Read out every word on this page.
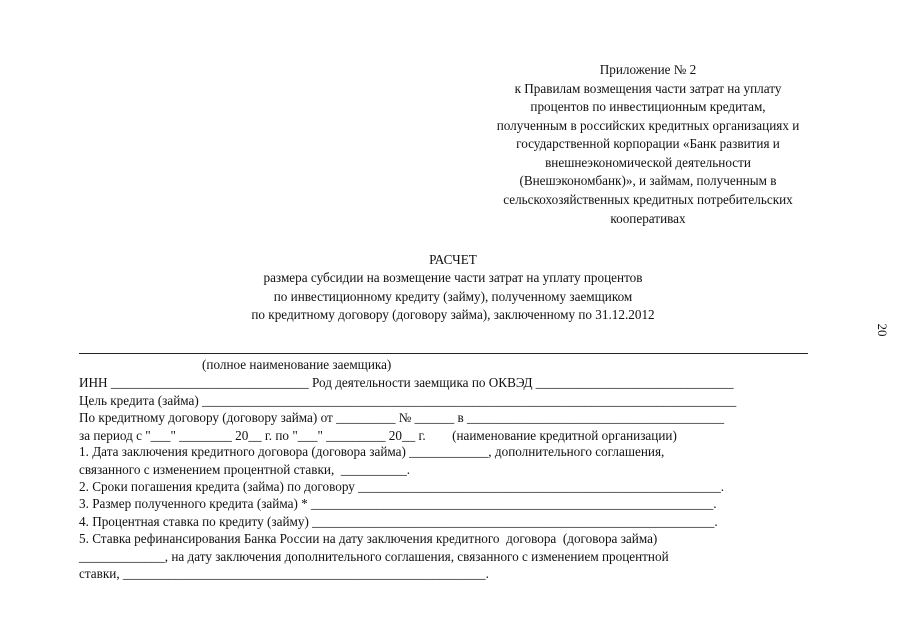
Приложение № 2
к Правилам возмещения части затрат на уплату
процентов по инвестиционным кредитам,
полученным в российских кредитных организациях и
государственной корпорации «Банк развития и
внешнеэкономической деятельности
(Внешэкономбанк)», и займам, полученным в
сельскохозяйственных кредитных потребительских
кооперативах
РАСЧЕТ
размера субсидии на возмещение части затрат на уплату процентов
по инвестиционному кредиту (займу), полученному заемщиком
по кредитному договору (договору займа), заключенному по 31.12.2012
20
(полное наименование заемщика)
ИНН ______________________________ Род деятельности заемщика по ОКВЭД ______________________________
Цель кредита (займа) _________________________________________________________________________________
По кредитному договору (договору займа) от _________ № ______ в _______________________________________
за период с "___" ________ 20__ г. по "___" _________ 20__ г.        (наименование кредитной организации)
1. Дата заключения кредитного договора (договора займа) ____________, дополнительного соглашения,
связанного с изменением процентной ставки,  __________.
2. Сроки погашения кредита (займа) по договору _______________________________________________________.
3. Размер полученного кредита (займа) * _____________________________________________________________.
4. Процентная ставка по кредиту (займу) _____________________________________________________________.
5. Ставка рефинансирования Банка России на дату заключения кредитного  договора  (договора займа)
_____________, на дату заключения дополнительного соглашения, связанного с изменением процентной
ставки, _______________________________________________________.
